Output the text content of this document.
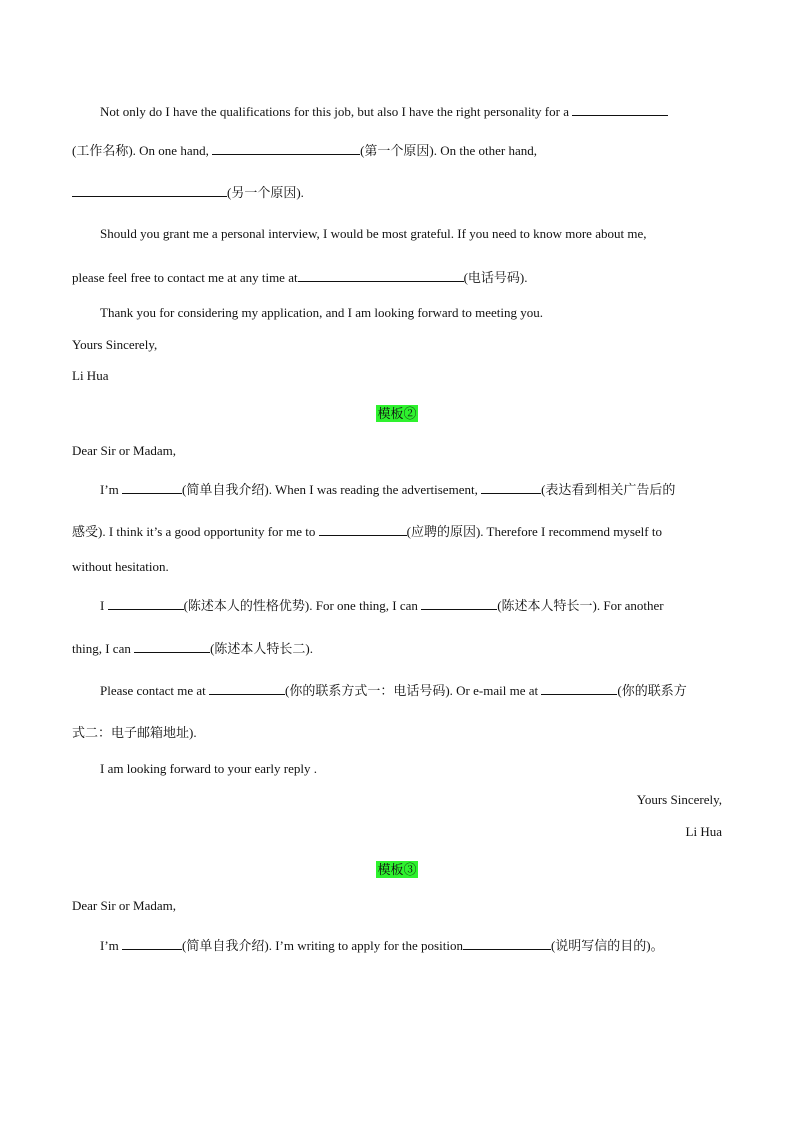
Not only do I have the qualifications for this job, but also I have the right personality for a
(工作名称). On one hand,	(第一个原因). On the other hand,
(另一个原因).
Should you grant me a personal interview, I would be most grateful. If you need to know more about me,
please feel free to contact me at any time at	(电话号码).
Thank you for considering my application, and I am looking forward to meeting you.
Yours Sincerely,
Li Hua
模板②
Dear Sir or Madam,
I’m	(简单自我介绍). When I was reading the advertisement,	(表达看到相关广告后的
感受). I think it’s a good opportunity for me to	(应聘的原因). Therefore I recommend myself to
without hesitation.
I	(陈述本人的性格优势). For one thing, I can	(陈述本人特长一). For another
thing, I can	(陈述本人特长二).
Please contact me at	(你的联系方式一：电话号码). Or e-mail me at	(你的联系方
式二：电子邮箱地址).
I am looking forward to your early reply .
Yours Sincerely,
Li Hua
模板③
Dear Sir or Madam,
I’m	(简单自我介绍). I’m writing to apply for the position	(说明写信的目的)。
